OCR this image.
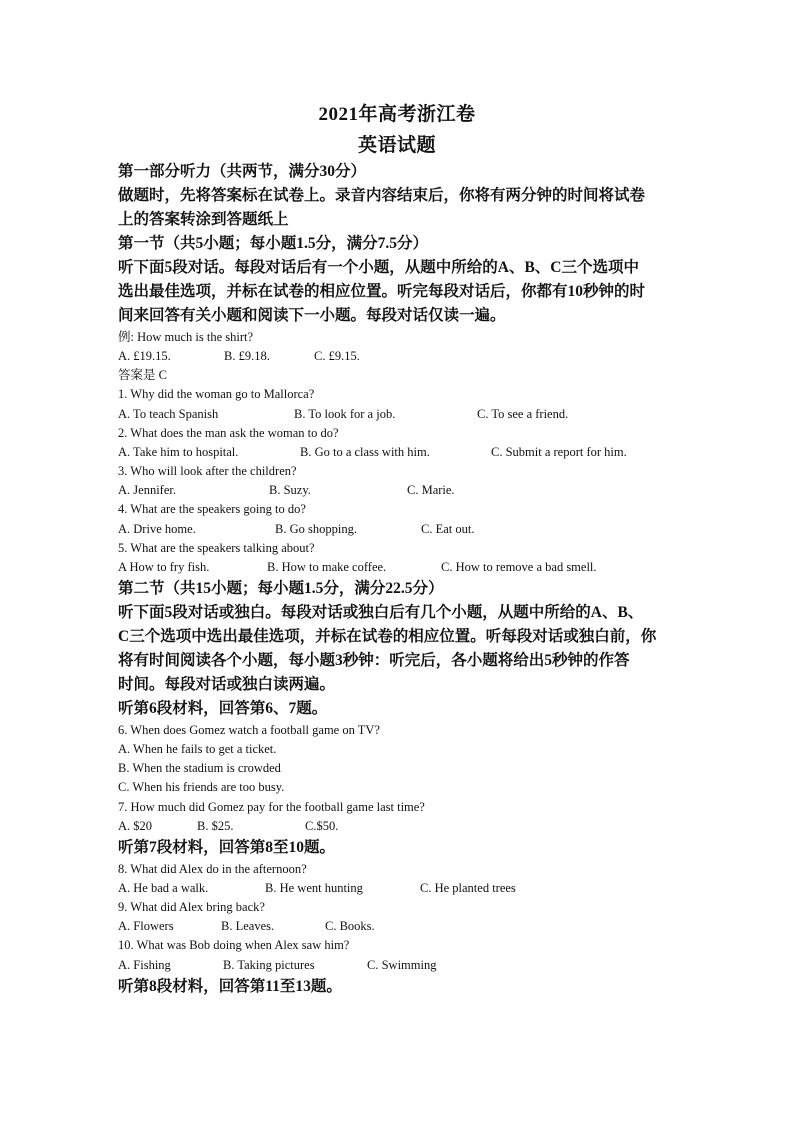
2021年高考浙江卷
英语试题
第一部分听力（共两节，满分30分）
做题时，先将答案标在试卷上。录音内容结束后，你将有两分钟的时间将试卷
上的答案转涂到答题纸上
第一节（共5小题；每小题1.5分，满分7.5分）
听下面5段对话。每段对话后有一个小题，从题中所给的A、B、C三个选项中
选出最佳选项，并标在试卷的相应位置。听完每段对话后，你都有10秒钟的时
间来回答有关小题和阅读下一小题。每段对话仅读一遍。
例: How much is the shirt?
A. £19.15.	B. £9.18.	C. £9.15.
答案是 C
1. Why did the woman go to Mallorca?
A. To teach Spanish	B. To look for a job.	C. To see a friend.
2. What does the man ask the woman to do?
A. Take him to hospital.	B. Go to a class with him.	C. Submit a report for him.
3. Who will look after the children?
A. Jennifer.	B. Suzy.	C. Marie.
4. What are the speakers going to do?
A. Drive home.	B. Go shopping.	C. Eat out.
5. What are the speakers talking about?
A How to fry fish.	B. How to make coffee.	C. How to remove a bad smell.
第二节（共15小题；每小题1.5分，满分22.5分）
听下面5段对话或独白。每段对话或独白后有几个小题，从题中所给的A、B、
C三个选项中选出最佳选项，并标在试卷的相应位置。听每段对话或独白前，你
将有时间阅读各个小题，每小题3秒钟：听完后，各小题将给出5秒钟的作答
时间。每段对话或独白读两遍。
听第6段材料，回答第6、7题。
6. When does Gomez watch a football game on TV?
A. When he fails to get a ticket.
B. When the stadium is crowded
C. When his friends are too busy.
7. How much did Gomez pay for the football game last time?
A. $20	B. $25.	C.$50.
听第7段材料，回答第8至10题。
8. What did Alex do in the afternoon?
A. He bad a walk.	B. He went hunting	C. He planted trees
9. What did Alex bring back?
A. Flowers	B. Leaves.	C. Books.
10. What was Bob doing when Alex saw him?
A. Fishing	B. Taking pictures	C. Swimming
听第8段材料，回答第11至13题。
